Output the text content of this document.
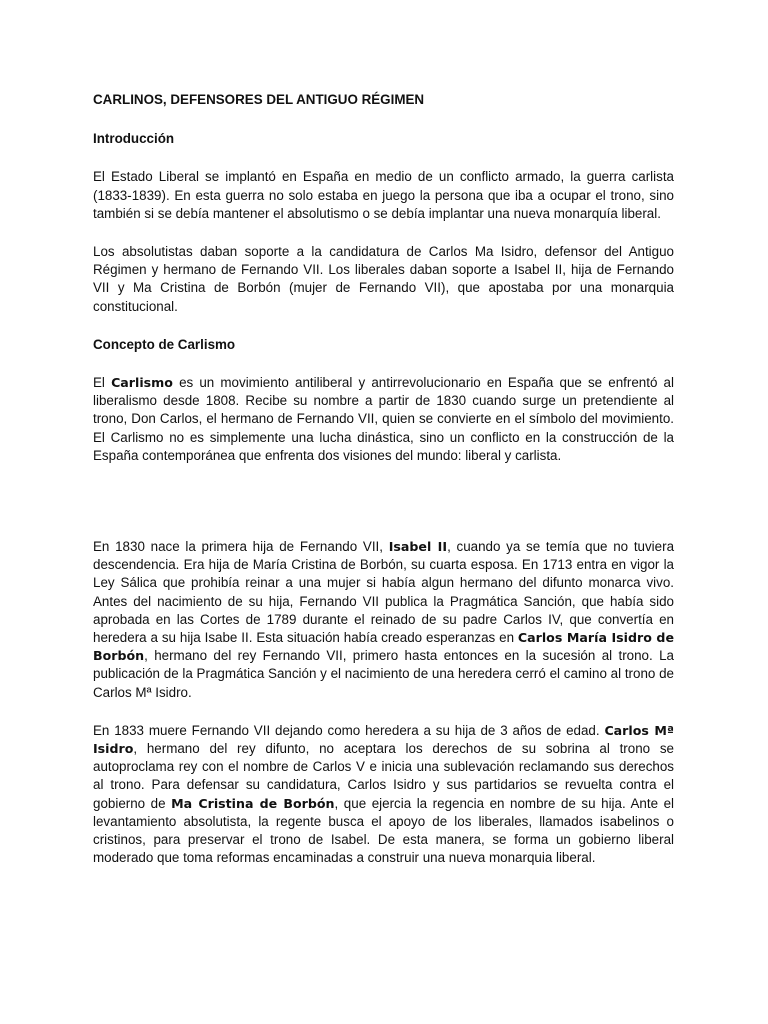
CARLINOS, DEFENSORES DEL ANTIGUO RÉGIMEN
Introducción

El Estado Liberal se implantó en España en medio de un conflicto armado, la guerra carlista (1833-1839). En esta guerra no solo estaba en juego la persona que iba a ocupar el trono, sino también si se debía mantener el absolutismo o se debía implantar una nueva monarquía liberal.

Los absolutistas daban soporte a la candidatura de Carlos Ma Isidro, defensor del Antiguo Régimen y hermano de Fernando VII. Los liberales daban soporte a Isabel II, hija de Fernando VII y Ma Cristina de Borbón (mujer de Fernando VII), que apostaba por una monarquia constitucional.

Concepto de Carlismo

El Carlismo es un movimiento antiliberal y antirrevolucionario en España que se enfrentó al liberalismo desde 1808. Recibe su nombre a partir de 1830 cuando surge un pretendiente al trono, Don Carlos, el hermano de Fernando VII, quien se convierte en el símbolo del movimiento. El Carlismo no es simplemente una lucha dinástica, sino un conflicto en la construcción de la España contemporánea que enfrenta dos visiones del mundo: liberal y carlista.

En 1830 nace la primera hija de Fernando VII, Isabel II, cuando ya se temía que no tuviera descendencia. Era hija de María Cristina de Borbón, su cuarta esposa. En 1713 entra en vigor la Ley Sálica que prohibía reinar a una mujer si había algun hermano del difunto monarca vivo. Antes del nacimiento de su hija, Fernando VII publica la Pragmática Sanción, que había sido aprobada en las Cortes de 1789 durante el reinado de su padre Carlos IV, que convertía en heredera a su hija Isabe II. Esta situación había creado esperanzas en Carlos María Isidro de Borbón, hermano del rey Fernando VII, primero hasta entonces en la sucesión al trono. La publicación de la Pragmática Sanción y el nacimiento de una heredera cerró el camino al trono de Carlos Mª Isidro.

En 1833 muere Fernando VII dejando como heredera a su hija de 3 años de edad. Carlos Mª Isidro, hermano del rey difunto, no aceptara los derechos de su sobrina al trono se autoproclama rey con el nombre de Carlos V e inicia una sublevación reclamando sus derechos al trono. Para defensar su candidatura, Carlos Isidro y sus partidarios se revuelta contra el gobierno de Ma Cristina de Borbón, que ejercia la regencia en nombre de su hija. Ante el levantamiento absolutista, la regente busca el apoyo de los liberales, llamados isabelinos o cristinos, para preservar el trono de Isabel. De esta manera, se forma un gobierno liberal moderado que toma reformas encaminadas a construir una nueva monarquia liberal.
